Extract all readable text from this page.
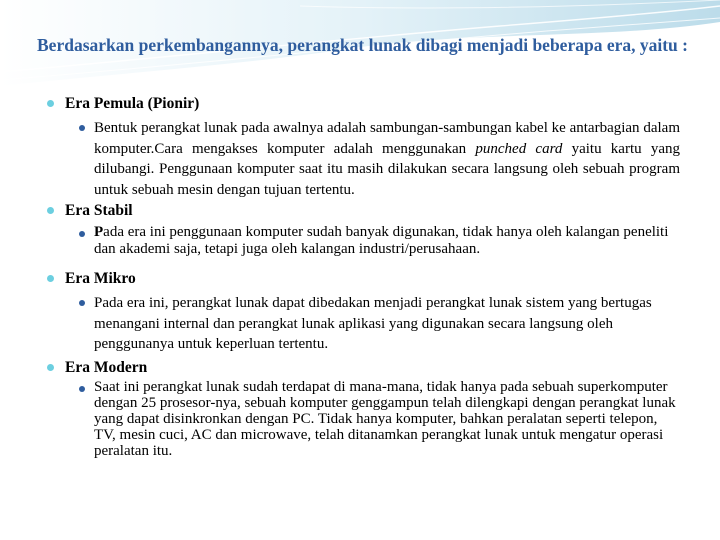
Berdasarkan perkembangannya, perangkat lunak dibagi menjadi beberapa era, yaitu :
Era Pemula (Pionir)
Bentuk perangkat lunak pada awalnya adalah sambungan-sambungan kabel ke antarbagian dalam komputer.Cara mengakses komputer adalah menggunakan punched card yaitu kartu yang dilubangi. Penggunaan komputer saat itu masih dilakukan secara langsung oleh sebuah program untuk sebuah mesin dengan tujuan tertentu.
Era Stabil
Pada era ini penggunaan komputer sudah banyak digunakan, tidak hanya oleh kalangan peneliti dan akademi saja, tetapi juga oleh kalangan industri/perusahaan.
Era Mikro
Pada era ini, perangkat lunak dapat dibedakan menjadi perangkat lunak sistem yang bertugas menangani internal dan perangkat lunak aplikasi yang digunakan secara langsung oleh penggunanya untuk keperluan tertentu.
Era Modern
Saat ini perangkat lunak sudah terdapat di mana-mana, tidak hanya pada sebuah superkomputer dengan 25 prosesor-nya, sebuah komputer genggampun telah dilengkapi dengan perangkat lunak yang dapat disinkronkan dengan PC. Tidak hanya komputer, bahkan peralatan seperti telepon, TV, mesin cuci, AC dan microwave, telah ditanamkan perangkat lunak untuk mengatur operasi peralatan itu.
